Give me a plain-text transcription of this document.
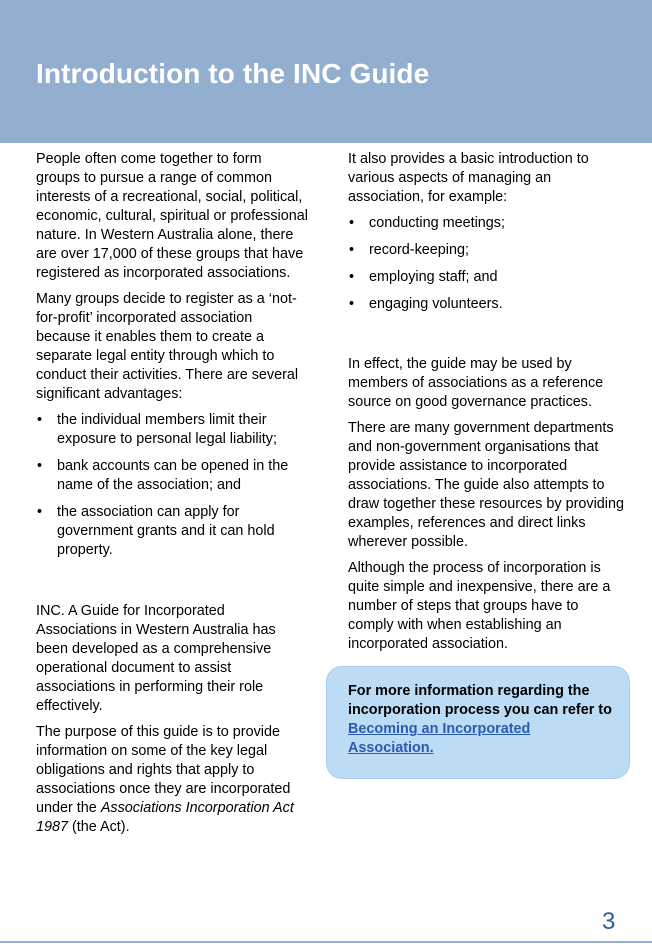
Introduction to the INC Guide

People often come together to form groups to pursue a range of common interests of a recreational, social, political, economic, cultural, spiritual or professional nature. In Western Australia alone, there are over 17,000 of these groups that have registered as incorporated associations.

Many groups decide to register as a ‘not-for-profit’ incorporated association because it enables them to create a separate legal entity through which to conduct their activities. There are several significant advantages:

• the individual members limit their exposure to personal legal liability;
• bank accounts can be opened in the name of the association; and
• the association can apply for government grants and it can hold property.

INC. A Guide for Incorporated Associations in Western Australia has been developed as a comprehensive operational document to assist associations in performing their role effectively.

The purpose of this guide is to provide information on some of the key legal obligations and rights that apply to associations once they are incorporated under the Associations Incorporation Act 1987 (the Act).

It also provides a basic introduction to various aspects of managing an association, for example:

• conducting meetings;
• record-keeping;
• employing staff; and
• engaging volunteers.

In effect, the guide may be used by members of associations as a reference source on good governance practices.

There are many government departments and non-government organisations that provide assistance to incorporated associations. The guide also attempts to draw together these resources by providing examples, references and direct links wherever possible.

Although the process of incorporation is quite simple and inexpensive, there are a number of steps that groups have to comply with when establishing an incorporated association.

For more information regarding the incorporation process you can refer to Becoming an Incorporated Association.
3
